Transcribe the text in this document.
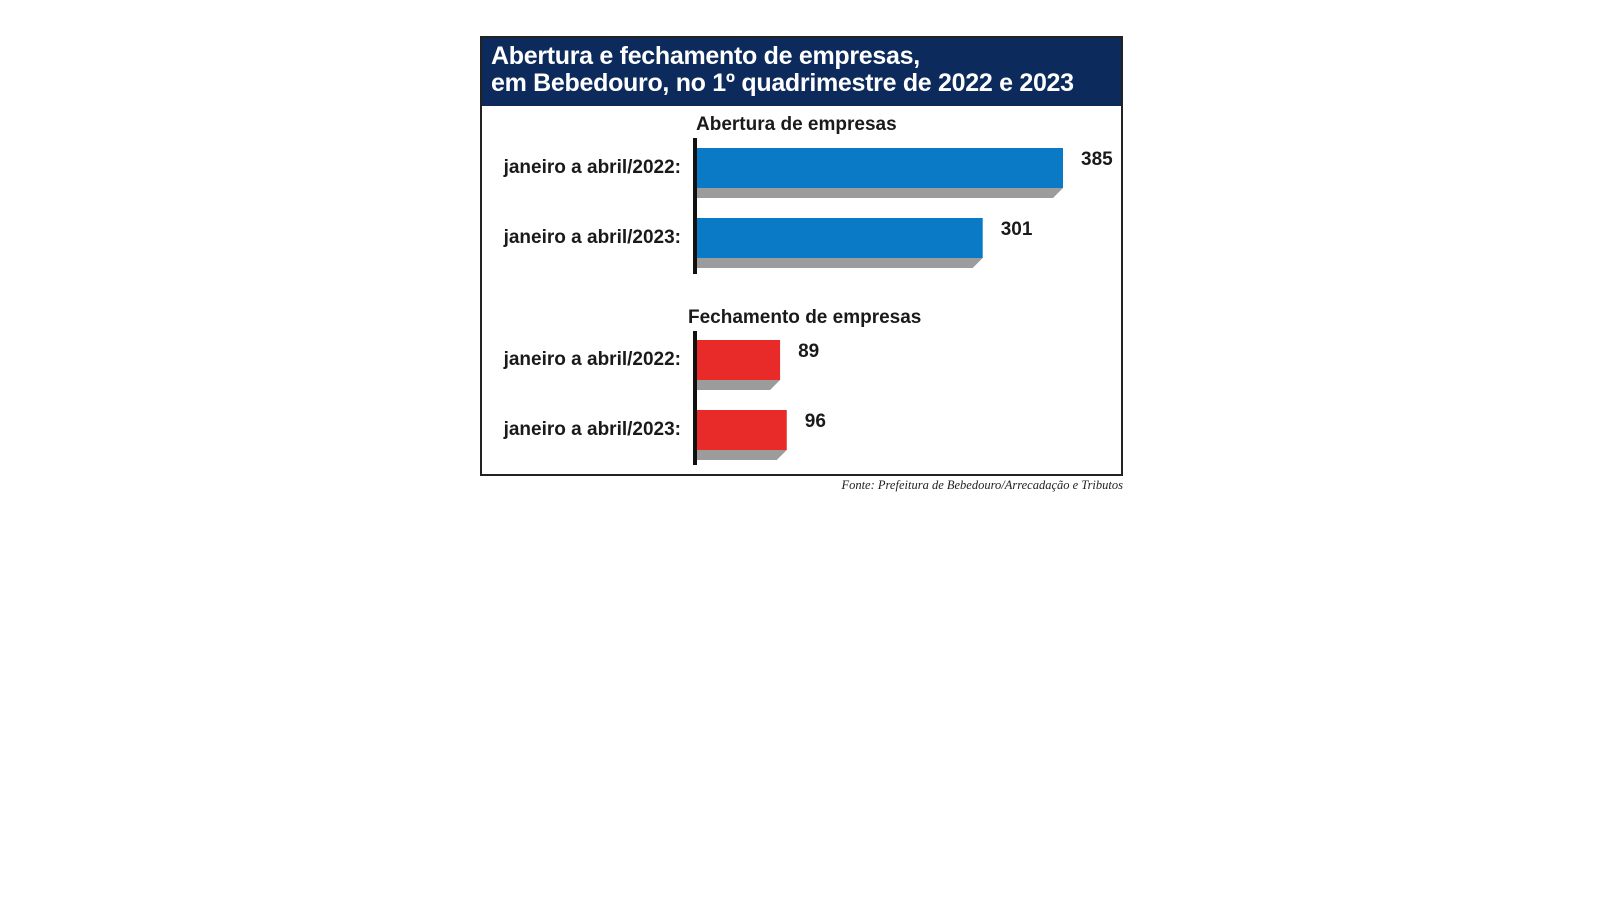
Abertura e fechamento de empresas,
em Bebedouro, no 1º quadrimestre de 2022 e 2023
Abertura de empresas
janeiro a abril/2022:	385
janeiro a abril/2023:	301
Fechamento de empresas
janeiro a abril/2022:	89
janeiro a abril/2023:	96
Fonte: Prefeitura de Bebedouro/Arrecadação e Tributos
